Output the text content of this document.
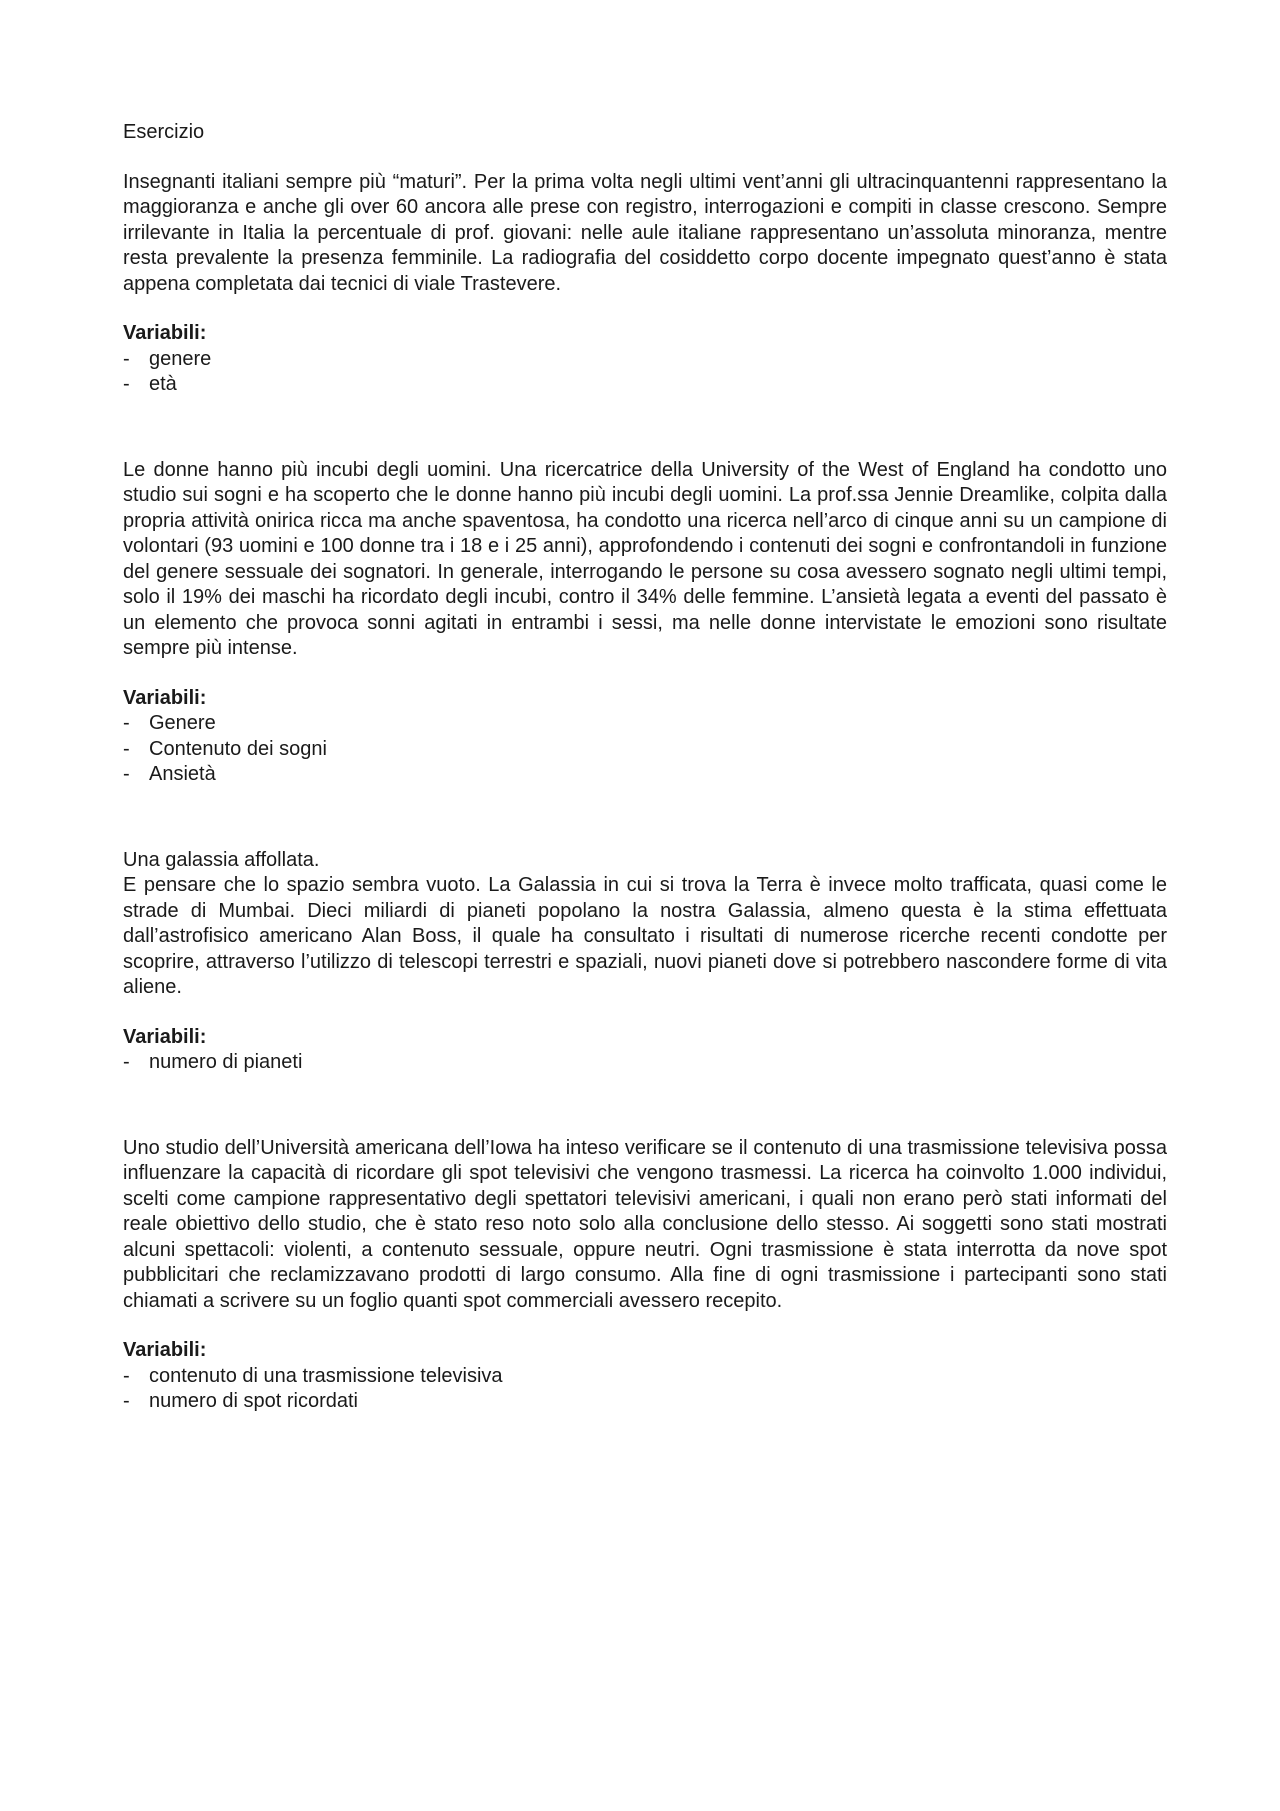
Esercizio

Insegnanti italiani sempre più “maturi”. Per la prima volta negli ultimi vent’anni gli ultracinquantenni rappresentano la maggioranza e anche gli over 60 ancora alle prese con registro, interrogazioni e compiti in classe crescono. Sempre irrilevante in Italia la percentuale di prof. giovani: nelle aule italiane rappresentano un’assoluta minoranza, mentre resta prevalente la presenza femminile. La radiografia del cosiddetto corpo docente impegnato quest’anno è stata appena completata dai tecnici di viale Trastevere.

Variabili:

- genere
- età

Le donne hanno più incubi degli uomini. Una ricercatrice della University of the West of England ha condotto uno studio sui sogni e ha scoperto che le donne hanno più incubi degli uomini. La prof.ssa Jennie Dreamlike, colpita dalla propria attività onirica ricca ma anche spaventosa, ha condotto una ricerca nell’arco di cinque anni su un campione di volontari (93 uomini e 100 donne tra i 18 e i 25 anni), approfondendo i contenuti dei sogni e confrontandoli in funzione del genere sessuale dei sognatori. In generale, interrogando le persone su cosa avessero sognato negli ultimi tempi, solo il 19% dei maschi ha ricordato degli incubi, contro il 34% delle femmine. L’ansietà legata a eventi del passato è un elemento che provoca sonni agitati in entrambi i sessi, ma nelle donne intervistate le emozioni sono risultate sempre più intense.

Variabili:

- Genere
- Contenuto dei sogni
- Ansietà

Una galassia affollata.

E pensare che lo spazio sembra vuoto. La Galassia in cui si trova la Terra è invece molto trafficata, quasi come le strade di Mumbai. Dieci miliardi di pianeti popolano la nostra Galassia, almeno questa è la stima effettuata dall’astrofisico americano Alan Boss, il quale ha consultato i risultati di numerose ricerche recenti condotte per scoprire, attraverso l’utilizzo di telescopi terrestri e spaziali, nuovi pianeti dove si potrebbero nascondere forme di vita aliene.

Variabili:

- numero di pianeti

Uno studio dell’Università americana dell’Iowa ha inteso verificare se il contenuto di una trasmissione televisiva possa influenzare la capacità di ricordare gli spot televisivi che vengono trasmessi. La ricerca ha coinvolto 1.000 individui, scelti come campione rappresentativo degli spettatori televisivi americani, i quali non erano però stati informati del reale obiettivo dello studio, che è stato reso noto solo alla conclusione dello stesso. Ai soggetti sono stati mostrati alcuni spettacoli: violenti, a contenuto sessuale, oppure neutri. Ogni trasmissione è stata interrotta da nove spot pubblicitari che reclamizzavano prodotti di largo consumo. Alla fine di ogni trasmissione i partecipanti sono stati chiamati a scrivere su un foglio quanti spot commerciali avessero recepito.

Variabili:

- contenuto di una trasmissione televisiva
- numero di spot ricordati
